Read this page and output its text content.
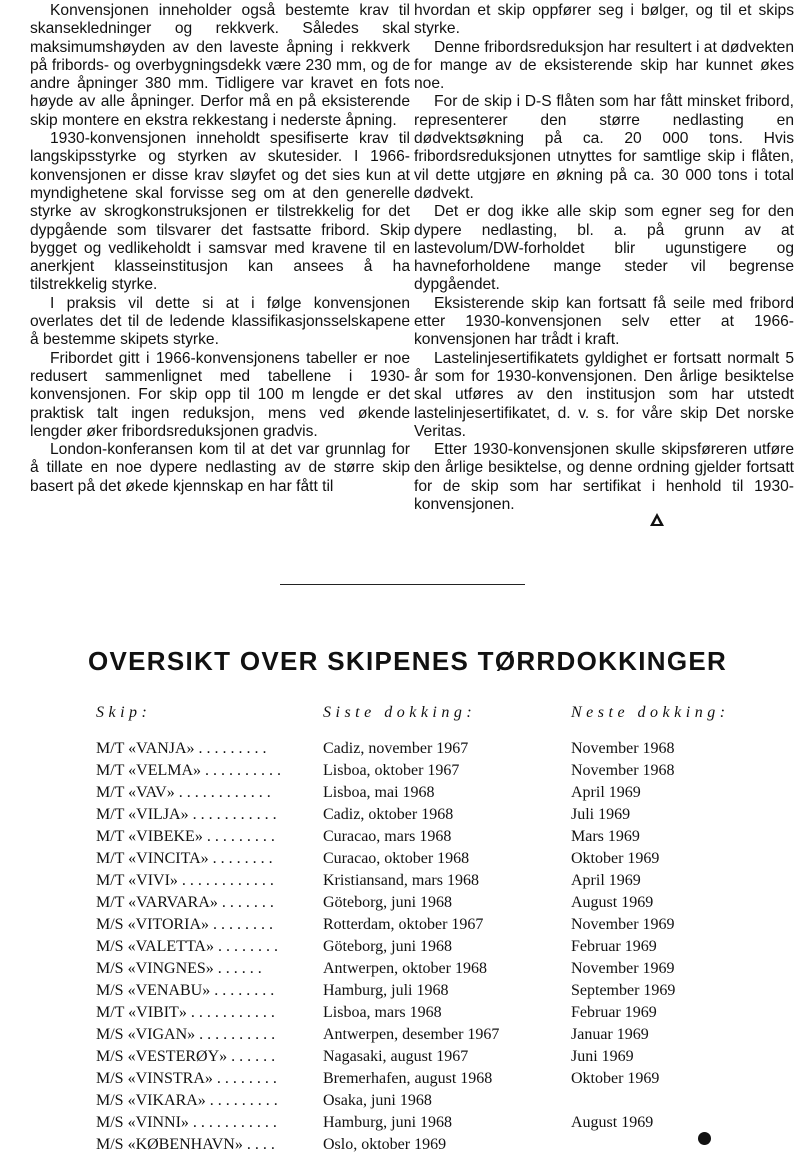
Konvensjonen inneholder også bestemte krav til skansekledninger og rekkverk. Således skal maksimumshøyden av den laveste åpning i rekkverk på fribords- og overbygningsdekk være 230 mm, og de andre åpninger 380 mm. Tidligere var kravet en fots høyde av alle åpninger. Derfor må en på eksisterende skip montere en ekstra rekkestang i nederste åpning.

1930-konvensjonen inneholdt spesifiserte krav til langskipsstyrke og styrken av skutesider. I 1966-konvensjonen er disse krav sløyfet og det sies kun at myndighetene skal forvisse seg om at den generelle styrke av skrogkonstruksjonen er tilstrekkelig for det dypgående som tilsvarer det fastsatte fribord. Skip bygget og vedlikeholdt i samsvar med kravene til en anerkjent klasseinstitusjon kan ansees å ha tilstrekkelig styrke.

I praksis vil dette si at i følge konvensjonen overlates det til de ledende klassifikasjonsselskapene å bestemme skipets styrke.

Fribordet gitt i 1966-konvensjonens tabeller er noe redusert sammenlignet med tabellene i 1930-konvensjonen. For skip opp til 100 m lengde er det praktisk talt ingen reduksjon, mens ved økende lengder øker fribordsreduksjonen gradvis.

London-konferansen kom til at det var grunnlag for å tillate en noe dypere nedlasting av de større skip basert på det økede kjennskap en har fått til

hvordan et skip oppfører seg i bølger, og til et skips styrke.

Denne fribordsreduksjon har resultert i at dødvekten for mange av de eksisterende skip har kunnet økes noe.

For de skip i D-S flåten som har fått minsket fribord, representerer den større nedlasting en dødvektsøkning på ca. 20 000 tons. Hvis fribordsreduksjonen utnyttes for samtlige skip i flåten, vil dette utgjøre en økning på ca. 30 000 tons i total dødvekt.

Det er dog ikke alle skip som egner seg for den dypere nedlasting, bl. a. på grunn av at lastevolum/DW-forholdet blir ugunstigere og havneforholdene mange steder vil begrense dypgåendet.

Eksisterende skip kan fortsatt få seile med fribord etter 1930-konvensjonen selv etter at 1966-konvensjonen har trådt i kraft.

Lastelinjesertifikatets gyldighet er fortsatt normalt 5 år som for 1930-konvensjonen. Den årlige besiktelse skal utføres av den institusjon som har utstedt lastelinjesertifikatet, d. v. s. for våre skip Det norske Veritas.

Etter 1930-konvensjonen skulle skipsføreren utføre den årlige besiktelse, og denne ordning gjelder fortsatt for de skip som har sertifikat i henhold til 1930-konvensjonen.

OVERSIKT OVER SKIPENES TØRRDOKKINGER
Skip:	Siste dokking:	Neste dokking:
M/T «VANJA» . . . . . . . . .	Cadiz, november 1967	November 1968
M/T «VELMA» . . . . . . . . . .	Lisboa, oktober 1967	November 1968
M/T «VAV» . . . . . . . . . . . .	Lisboa, mai 1968	April 1969
M/T «VILJA» . . . . . . . . . . .	Cadiz, oktober 1968	Juli 1969
M/T «VIBEKE» . . . . . . . . .	Curacao, mars 1968	Mars 1969
M/T «VINCITA» . . . . . . . .	Curacao, oktober 1968	Oktober 1969
M/T «VIVI» . . . . . . . . . . . .	Kristiansand, mars 1968	April 1969
M/T «VARVARA» . . . . . . .	Göteborg, juni 1968	August 1969
M/S «VITORIA» . . . . . . . .	Rotterdam, oktober 1967	November 1969
M/S «VALETTA» . . . . . . . .	Göteborg, juni 1968	Februar 1969
M/S «VINGNES» . . . . . .	Antwerpen, oktober 1968	November 1969
M/S «VENABU» . . . . . . . .	Hamburg, juli 1968	September 1969
M/T «VIBIT» . . . . . . . . . . .	Lisboa, mars 1968	Februar 1969
M/S «VIGAN» . . . . . . . . . .	Antwerpen, desember 1967	Januar 1969
M/S «VESTERØY» . . . . . .	Nagasaki, august 1967	Juni 1969
M/S «VINSTRA» . . . . . . . .	Bremerhafen, august 1968	Oktober 1969
M/S «VIKARA» . . . . . . . . .	Osaka, juni 1968
M/S «VINNI» . . . . . . . . . . .	Hamburg, juni 1968	August 1969
M/S «KØBENHAVN» . . . .	Oslo, oktober 1969
